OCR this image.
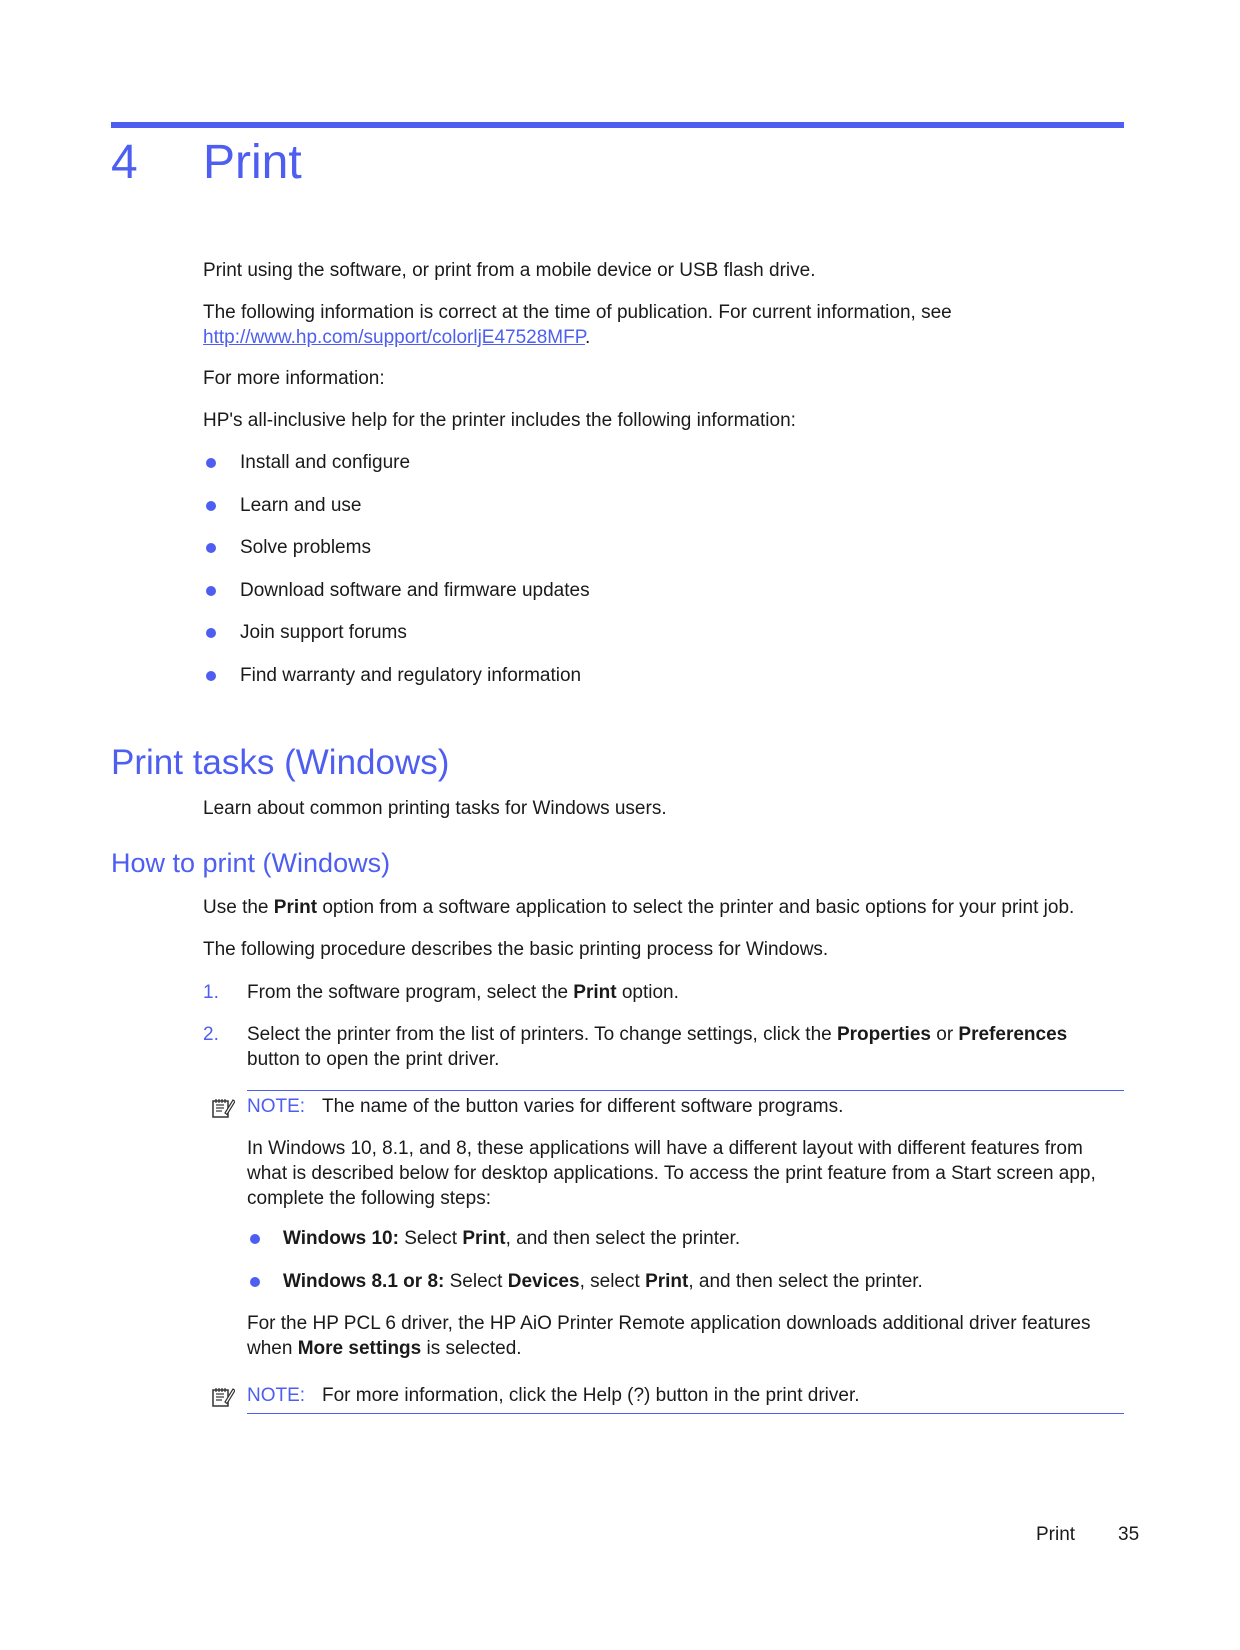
4 Print

Print using the software, or print from a mobile device or USB flash drive.

The following information is correct at the time of publication. For current information, see
http://www.hp.com/support/colorljE47528MFP.

For more information:

HP's all-inclusive help for the printer includes the following information:

Install and configure
Learn and use
Solve problems
Download software and firmware updates
Join support forums
Find warranty and regulatory information
Print tasks (Windows)

Learn about common printing tasks for Windows users.

How to print (Windows)

Use the Print option from a software application to select the printer and basic options for your print job.

The following procedure describes the basic printing process for Windows.

1. From the software program, select the Print option.
2. Select the printer from the list of printers. To change settings, click the Properties or Preferences button to open the print driver.
NOTE: The name of the button varies for different software programs.

In Windows 10, 8.1, and 8, these applications will have a different layout with different features from what is described below for desktop applications. To access the print feature from a Start screen app, complete the following steps:

Windows 10: Select Print, and then select the printer.
Windows 8.1 or 8: Select Devices, select Print, and then select the printer.

For the HP PCL 6 driver, the HP AiO Printer Remote application downloads additional driver features when More settings is selected.

NOTE: For more information, click the Help (?) button in the print driver.
Print 35
